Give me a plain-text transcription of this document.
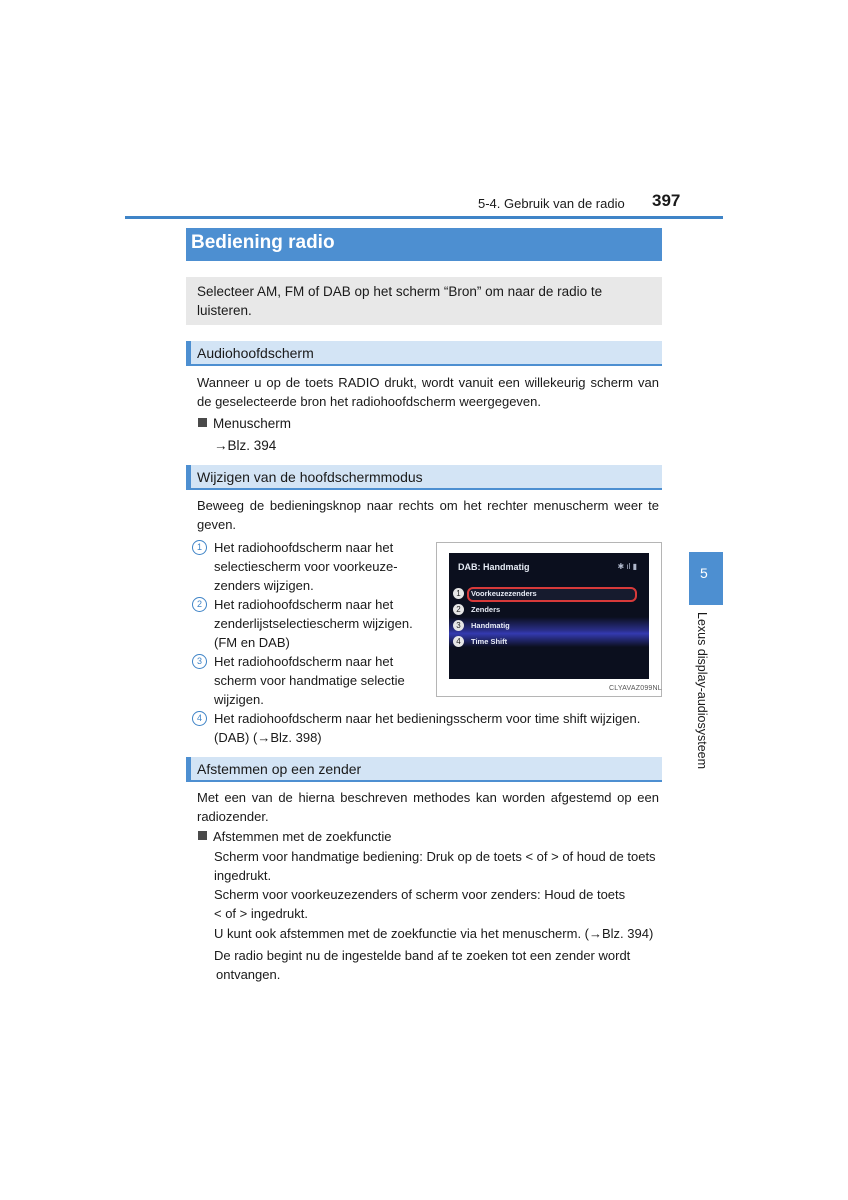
5-4. Gebruik van de radio 397
Bediening radio
Selecteer AM, FM of DAB op het scherm “Bron” om naar de radio te luisteren.
Audiohoofdscherm
Wanneer u op de toets RADIO drukt, wordt vanuit een willekeurig scherm van de geselecteerde bron het radiohoofdscherm weergegeven.
Menuscherm
→Blz. 394
Wijzigen van de hoofdschermmodus
Beweeg de bedieningsknop naar rechts om het rechter menuscherm weer te geven.
1 Het radiohoofdscherm naar het
selectiescherm voor voorkeuze-
zenders wijzigen.
2 Het radiohoofdscherm naar het
zenderlijstselectiescherm wijzigen.
(FM en DAB)
3 Het radiohoofdscherm naar het
scherm voor handmatige selectie
wijzigen.
4 Het radiohoofdscherm naar het bedieningsscherm voor time shift wijzigen.
(DAB) (→Blz. 398)
DAB: Handmatig	✱ ıl ▮
1	Voorkeuzezenders
2	Zenders
3	Handmatig
4	Time Shift
CLYAVAZ099NL
Afstemmen op een zender
Met een van de hierna beschreven methodes kan worden afgestemd op een radiozender.
Afstemmen met de zoekfunctie
Scherm voor handmatige bediening: Druk op de toets < of > of houd de toets ingedrukt.
Scherm voor voorkeuzezenders of scherm voor zenders: Houd de toets
< of > ingedrukt.
U kunt ook afstemmen met de zoekfunctie via het menuscherm. (→Blz. 394)
De radio begint nu de ingestelde band af te zoeken tot een zender wordt
ontvangen.
5
Lexus display-audiosysteem
